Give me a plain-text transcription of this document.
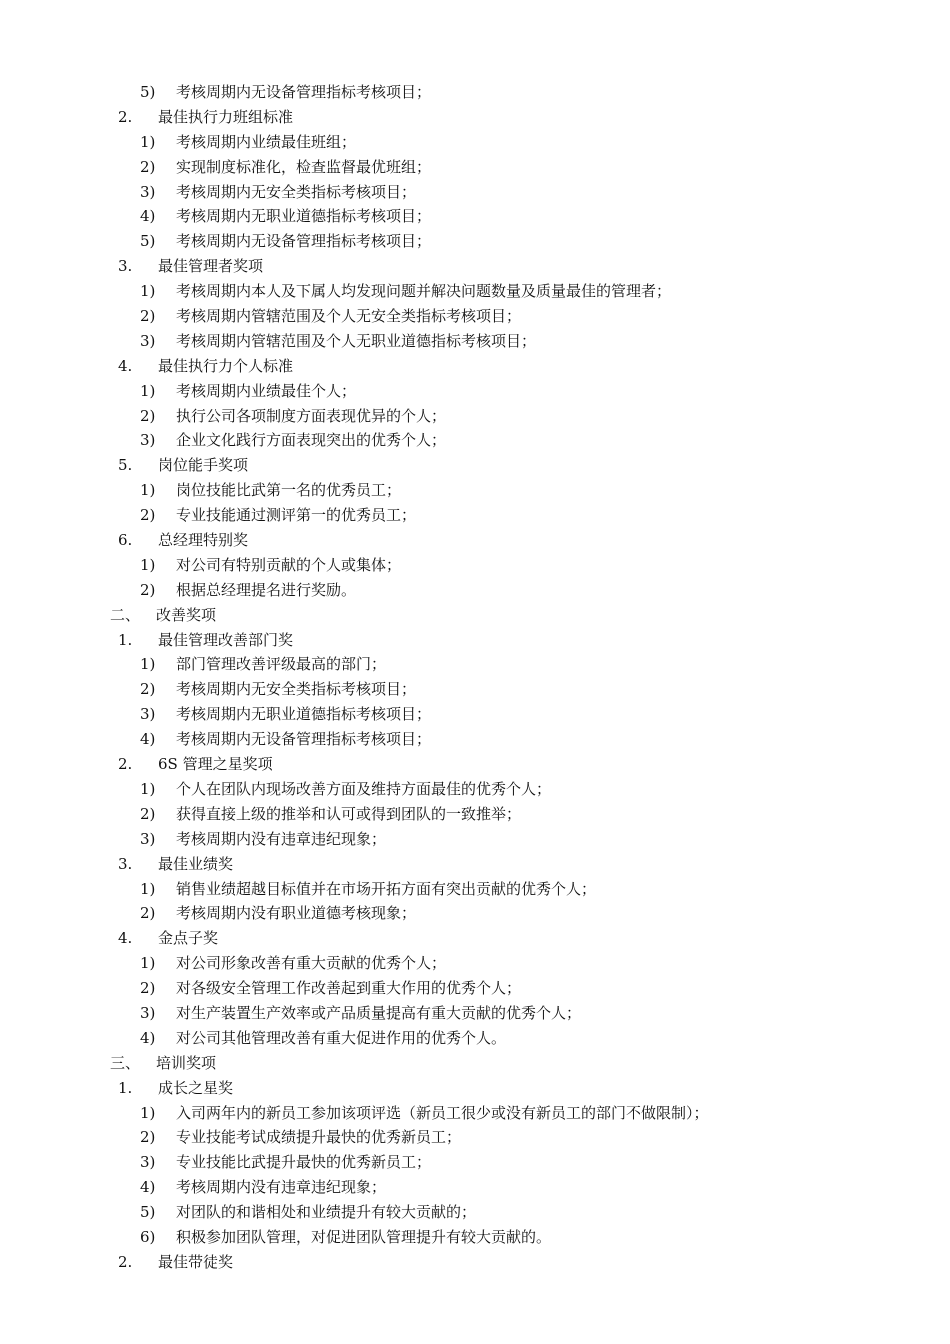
5) 考核周期内无设备管理指标考核项目；
2. 最佳执行力班组标准
1) 考核周期内业绩最佳班组；
2) 实现制度标准化，检查监督最优班组；
3) 考核周期内无安全类指标考核项目；
4) 考核周期内无职业道德指标考核项目；
5) 考核周期内无设备管理指标考核项目；
3. 最佳管理者奖项
1) 考核周期内本人及下属人均发现问题并解决问题数量及质量最佳的管理者；
2) 考核周期内管辖范围及个人无安全类指标考核项目；
3) 考核周期内管辖范围及个人无职业道德指标考核项目；
4. 最佳执行力个人标准
1) 考核周期内业绩最佳个人；
2) 执行公司各项制度方面表现优异的个人；
3) 企业文化践行方面表现突出的优秀个人；
5. 岗位能手奖项
1) 岗位技能比武第一名的优秀员工；
2) 专业技能通过测评第一的优秀员工；
6. 总经理特别奖
1) 对公司有特别贡献的个人或集体；
2) 根据总经理提名进行奖励。
二、 改善奖项
1. 最佳管理改善部门奖
1) 部门管理改善评级最高的部门；
2) 考核周期内无安全类指标考核项目；
3) 考核周期内无职业道德指标考核项目；
4) 考核周期内无设备管理指标考核项目；
2. 6S 管理之星奖项
1) 个人在团队内现场改善方面及维持方面最佳的优秀个人；
2) 获得直接上级的推举和认可或得到团队的一致推举；
3) 考核周期内没有违章违纪现象；
3. 最佳业绩奖
1) 销售业绩超越目标值并在市场开拓方面有突出贡献的优秀个人；
2) 考核周期内没有职业道德考核现象；
4. 金点子奖
1) 对公司形象改善有重大贡献的优秀个人；
2) 对各级安全管理工作改善起到重大作用的优秀个人；
3) 对生产装置生产效率或产品质量提高有重大贡献的优秀个人；
4) 对公司其他管理改善有重大促进作用的优秀个人。
三、 培训奖项
1. 成长之星奖
1) 入司两年内的新员工参加该项评选（新员工很少或没有新员工的部门不做限制）；
2) 专业技能考试成绩提升最快的优秀新员工；
3) 专业技能比武提升最快的优秀新员工；
4) 考核周期内没有违章违纪现象；
5) 对团队的和谐相处和业绩提升有较大贡献的；
6) 积极参加团队管理，对促进团队管理提升有较大贡献的。
2. 最佳带徒奖
